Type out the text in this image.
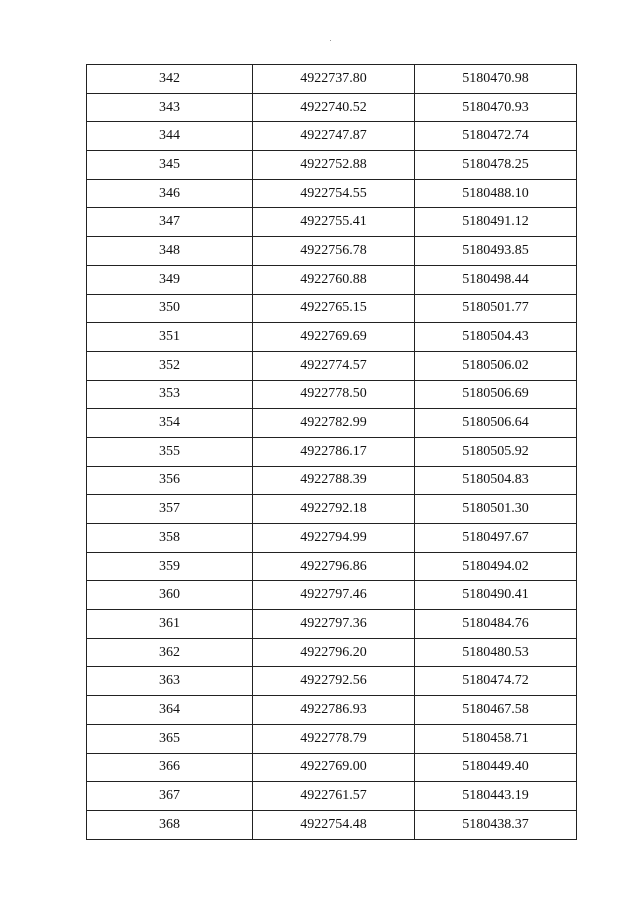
342	4922737.80	5180470.98
343	4922740.52	5180470.93
344	4922747.87	5180472.74
345	4922752.88	5180478.25
346	4922754.55	5180488.10
347	4922755.41	5180491.12
348	4922756.78	5180493.85
349	4922760.88	5180498.44
350	4922765.15	5180501.77
351	4922769.69	5180504.43
352	4922774.57	5180506.02
353	4922778.50	5180506.69
354	4922782.99	5180506.64
355	4922786.17	5180505.92
356	4922788.39	5180504.83
357	4922792.18	5180501.30
358	4922794.99	5180497.67
359	4922796.86	5180494.02
360	4922797.46	5180490.41
361	4922797.36	5180484.76
362	4922796.20	5180480.53
363	4922792.56	5180474.72
364	4922786.93	5180467.58
365	4922778.79	5180458.71
366	4922769.00	5180449.40
367	4922761.57	5180443.19
368	4922754.48	5180438.37
